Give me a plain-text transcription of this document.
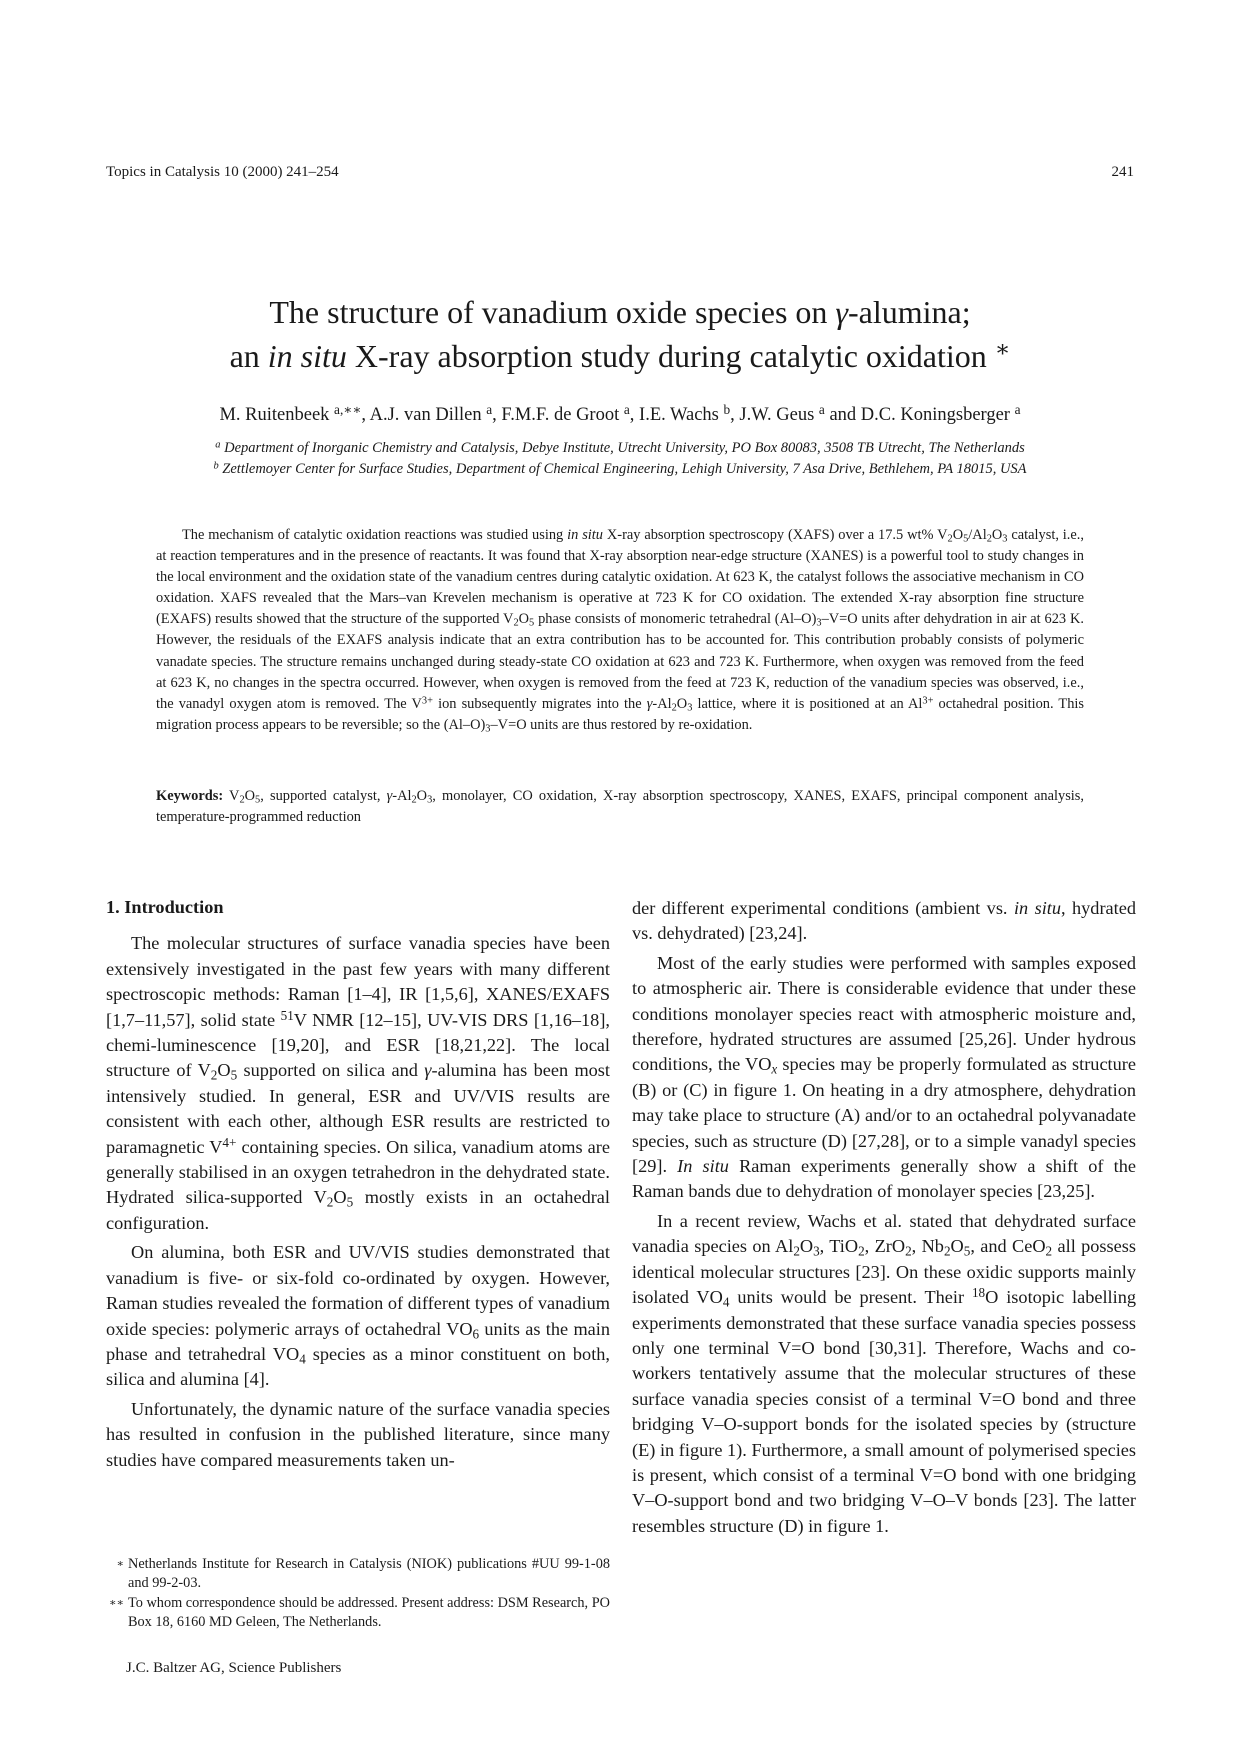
Topics in Catalysis 10 (2000) 241–254	241
The structure of vanadium oxide species on γ-alumina;
an in situ X-ray absorption study during catalytic oxidation ∗
M. Ruitenbeek $^{a,∗∗}$, A.J. van Dillen $^a$, F.M.F. de Groot $^a$, I.E. Wachs $^b$, J.W. Geus $^a$ and D.C. Koningsberger $^a$
$^a$ Department of Inorganic Chemistry and Catalysis, Debye Institute, Utrecht University, PO Box 80083, 3508 TB Utrecht, The Netherlands
$^b$ Zettlemoyer Center for Surface Studies, Department of Chemical Engineering, Lehigh University, 7 Asa Drive, Bethlehem, PA 18015, USA
The mechanism of catalytic oxidation reactions was studied using in situ X-ray absorption spectroscopy (XAFS) over a 17.5 wt% $V_2O_5/Al_2O_3$ catalyst, i.e., at reaction temperatures and in the presence of reactants. It was found that X-ray absorption near-edge structure (XANES) is a powerful tool to study changes in the local environment and the oxidation state of the vanadium centres during catalytic oxidation. At 623 K, the catalyst follows the associative mechanism in CO oxidation. XAFS revealed that the Mars–van Krevelen mechanism is operative at 723 K for CO oxidation. The extended X-ray absorption fine structure (EXAFS) results showed that the structure of the supported $V_2O_5$ phase consists of monomeric tetrahedral $(Al-O)_3-V=O$ units after dehydration in air at 623 K. However, the residuals of the EXAFS analysis indicate that an extra contribution has to be accounted for. This contribution probably consists of polymeric vanadate species. The structure remains unchanged during steady-state CO oxidation at 623 and 723 K. Furthermore, when oxygen was removed from the feed at 623 K, no changes in the spectra occurred. However, when oxygen is removed from the feed at 723 K, reduction of the vanadium species was observed, i.e., the vanadyl oxygen atom is removed. The $V^{3+}$ ion subsequently migrates into the $\gamma-Al_2O_3$ lattice, where it is positioned at an $Al^{3+}$ octahedral position. This migration process appears to be reversible; so the $(Al-O)_3-V=O$ units are thus restored by re-oxidation.
Keywords: $V_2O_5$, supported catalyst, $\gamma-Al_2O_3$, monolayer, CO oxidation, X-ray absorption spectroscopy, XANES, EXAFS, principal component analysis, temperature-programmed reduction
1. Introduction

The molecular structures of surface vanadia species have been extensively investigated in the past few years with many different spectroscopic methods: Raman [1–4], IR [1,5,6], XANES/EXAFS [1,7–11,57], solid state $^{51}$V NMR [12–15], UV-VIS DRS [1,16–18], chemi-luminescence [19,20], and ESR [18,21,22]. The local structure of $V_2O_5$ supported on silica and γ-alumina has been most intensively studied. In general, ESR and UV/VIS results are consistent with each other, although ESR results are restricted to paramagnetic $V^{4+}$ containing species. On silica, vanadium atoms are generally stabilised in an oxygen tetrahedron in the dehydrated state. Hydrated silica-supported $V_2O_5$ mostly exists in an octahedral configuration.

On alumina, both ESR and UV/VIS studies demonstrated that vanadium is five- or six-fold co-ordinated by oxygen. However, Raman studies revealed the formation of different types of vanadium oxide species: polymeric arrays of octahedral $VO_6$ units as the main phase and tetrahedral $VO_4$ species as a minor constituent on both, silica and alumina [4].

Unfortunately, the dynamic nature of the surface vanadia species has resulted in confusion in the published literature, since many studies have compared measurements taken un-

der different experimental conditions (ambient vs. in situ, hydrated vs. dehydrated) [23,24].

Most of the early studies were performed with samples exposed to atmospheric air. There is considerable evidence that under these conditions monolayer species react with atmospheric moisture and, therefore, hydrated structures are assumed [25,26]. Under hydrous conditions, the $VO_x$ species may be properly formulated as structure (B) or (C) in figure 1. On heating in a dry atmosphere, dehydration may take place to structure (A) and/or to an octahedral polyvanadate species, such as structure (D) [27,28], or to a simple vanadyl species [29]. In situ Raman experiments generally show a shift of the Raman bands due to dehydration of monolayer species [23,25].

In a recent review, Wachs et al. stated that dehydrated surface vanadia species on $Al_2O_3$, TiO$_2$, ZrO$_2$, $Nb_2O_5$, and CeO$_2$ all possess identical molecular structures [23]. On these oxidic supports mainly isolated $VO_4$ units would be present. Their $^{18}$O isotopic labelling experiments demonstrated that these surface vanadia species possess only one terminal V=O bond [30,31]. Therefore, Wachs and co-workers tentatively assume that the molecular structures of these surface vanadia species consist of a terminal V=O bond and three bridging V–O-support bonds for the isolated species by (structure (E) in figure 1). Furthermore, a small amount of polymerised species is present, which consist of a terminal V=O bond with one bridging V–O-support bond and two bridging V–O–V bonds [23]. The latter resembles structure (D) in figure 1.

∗ Netherlands Institute for Research in Catalysis (NIOK) publications #UU 99-1-08 and 99-2-03.
∗∗ To whom correspondence should be addressed. Present address: DSM Research, PO Box 18, 6160 MD Geleen, The Netherlands.
J.C. Baltzer AG, Science Publishers
